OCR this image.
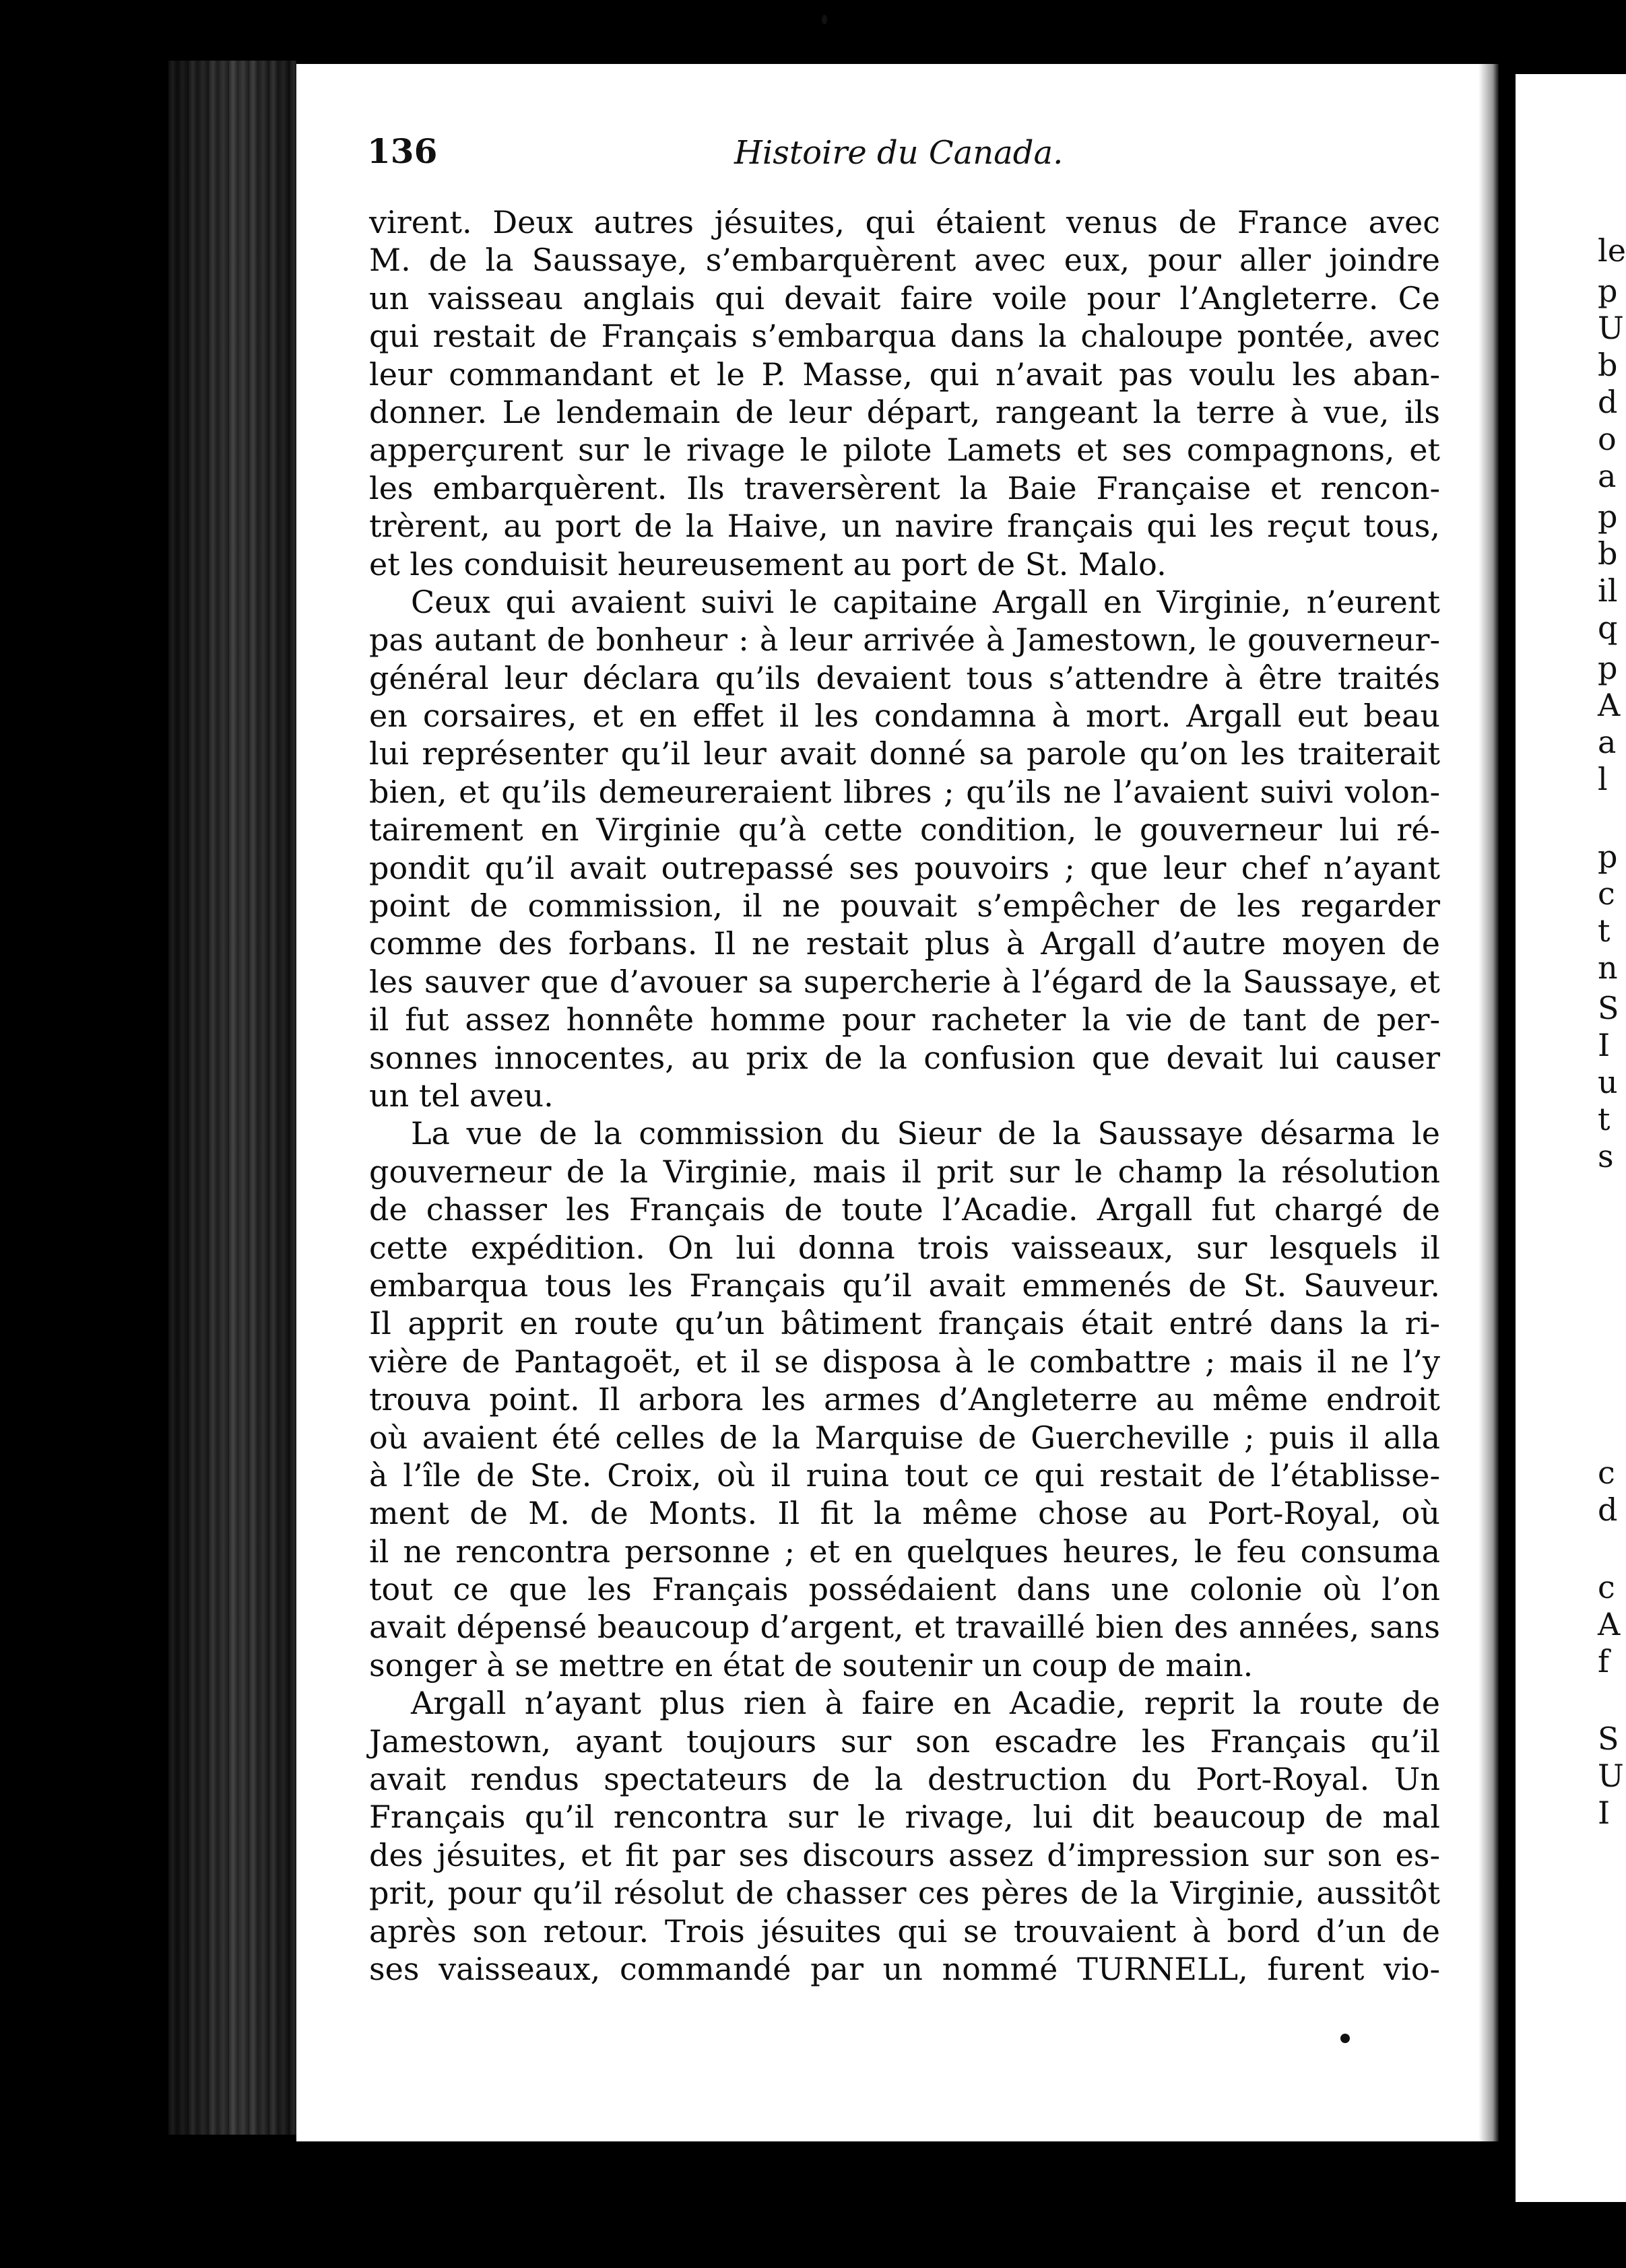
le
p
U
b
d
o
a
p
b
il
q
p
A
a
l
p
c
t
n
S
I
u
t
s
c
d
c
A
f
S
U
I
136	Histoire du Canada.
virent. Deux autres jésuites, qui étaient venus de France avec
M. de la Saussaye, s’embarquèrent avec eux, pour aller joindre
un vaisseau anglais qui devait faire voile pour l’Angleterre. Ce
qui restait de Français s’embarqua dans la chaloupe pontée, avec
leur commandant et le P. Masse, qui n’avait pas voulu les aban-
donner. Le lendemain de leur départ, rangeant la terre à vue, ils
apperçurent sur le rivage le pilote Lamets et ses compagnons, et
les embarquèrent. Ils traversèrent la Baie Française et rencon-
trèrent, au port de la Haive, un navire français qui les reçut tous,
et les conduisit heureusement au port de St. Malo.
Ceux qui avaient suivi le capitaine Argall en Virginie, n’eurent
pas autant de bonheur : à leur arrivée à Jamestown, le gouverneur-
général leur déclara qu’ils devaient tous s’attendre à être traités
en corsaires, et en effet il les condamna à mort. Argall eut beau
lui représenter qu’il leur avait donné sa parole qu’on les traiterait
bien, et qu’ils demeureraient libres ; qu’ils ne l’avaient suivi volon-
tairement en Virginie qu’à cette condition, le gouverneur lui ré-
pondit qu’il avait outrepassé ses pouvoirs ; que leur chef n’ayant
point de commission, il ne pouvait s’empêcher de les regarder
comme des forbans. Il ne restait plus à Argall d’autre moyen de
les sauver que d’avouer sa supercherie à l’égard de la Saussaye, et
il fut assez honnête homme pour racheter la vie de tant de per-
sonnes innocentes, au prix de la confusion que devait lui causer
un tel aveu.
La vue de la commission du Sieur de la Saussaye désarma le
gouverneur de la Virginie, mais il prit sur le champ la résolution
de chasser les Français de toute l’Acadie. Argall fut chargé de
cette expédition. On lui donna trois vaisseaux, sur lesquels il
embarqua tous les Français qu’il avait emmenés de St. Sauveur.
Il apprit en route qu’un bâtiment français était entré dans la ri-
vière de Pantagoët, et il se disposa à le combattre ; mais il ne l’y
trouva point. Il arbora les armes d’Angleterre au même endroit
où avaient été celles de la Marquise de Guercheville ; puis il alla
à l’île de Ste. Croix, où il ruina tout ce qui restait de l’établisse-
ment de M. de Monts. Il fit la même chose au Port-Royal, où
il ne rencontra personne ; et en quelques heures, le feu consuma
tout ce que les Français possédaient dans une colonie où l’on
avait dépensé beaucoup d’argent, et travaillé bien des années, sans
songer à se mettre en état de soutenir un coup de main.
Argall n’ayant plus rien à faire en Acadie, reprit la route de
Jamestown, ayant toujours sur son escadre les Français qu’il
avait rendus spectateurs de la destruction du Port-Royal. Un
Français qu’il rencontra sur le rivage, lui dit beaucoup de mal
des jésuites, et fit par ses discours assez d’impression sur son es-
prit, pour qu’il résolut de chasser ces pères de la Virginie, aussitôt
après son retour. Trois jésuites qui se trouvaient à bord d’un de
ses vaisseaux, commandé par un nommé TURNELL, furent vio-
